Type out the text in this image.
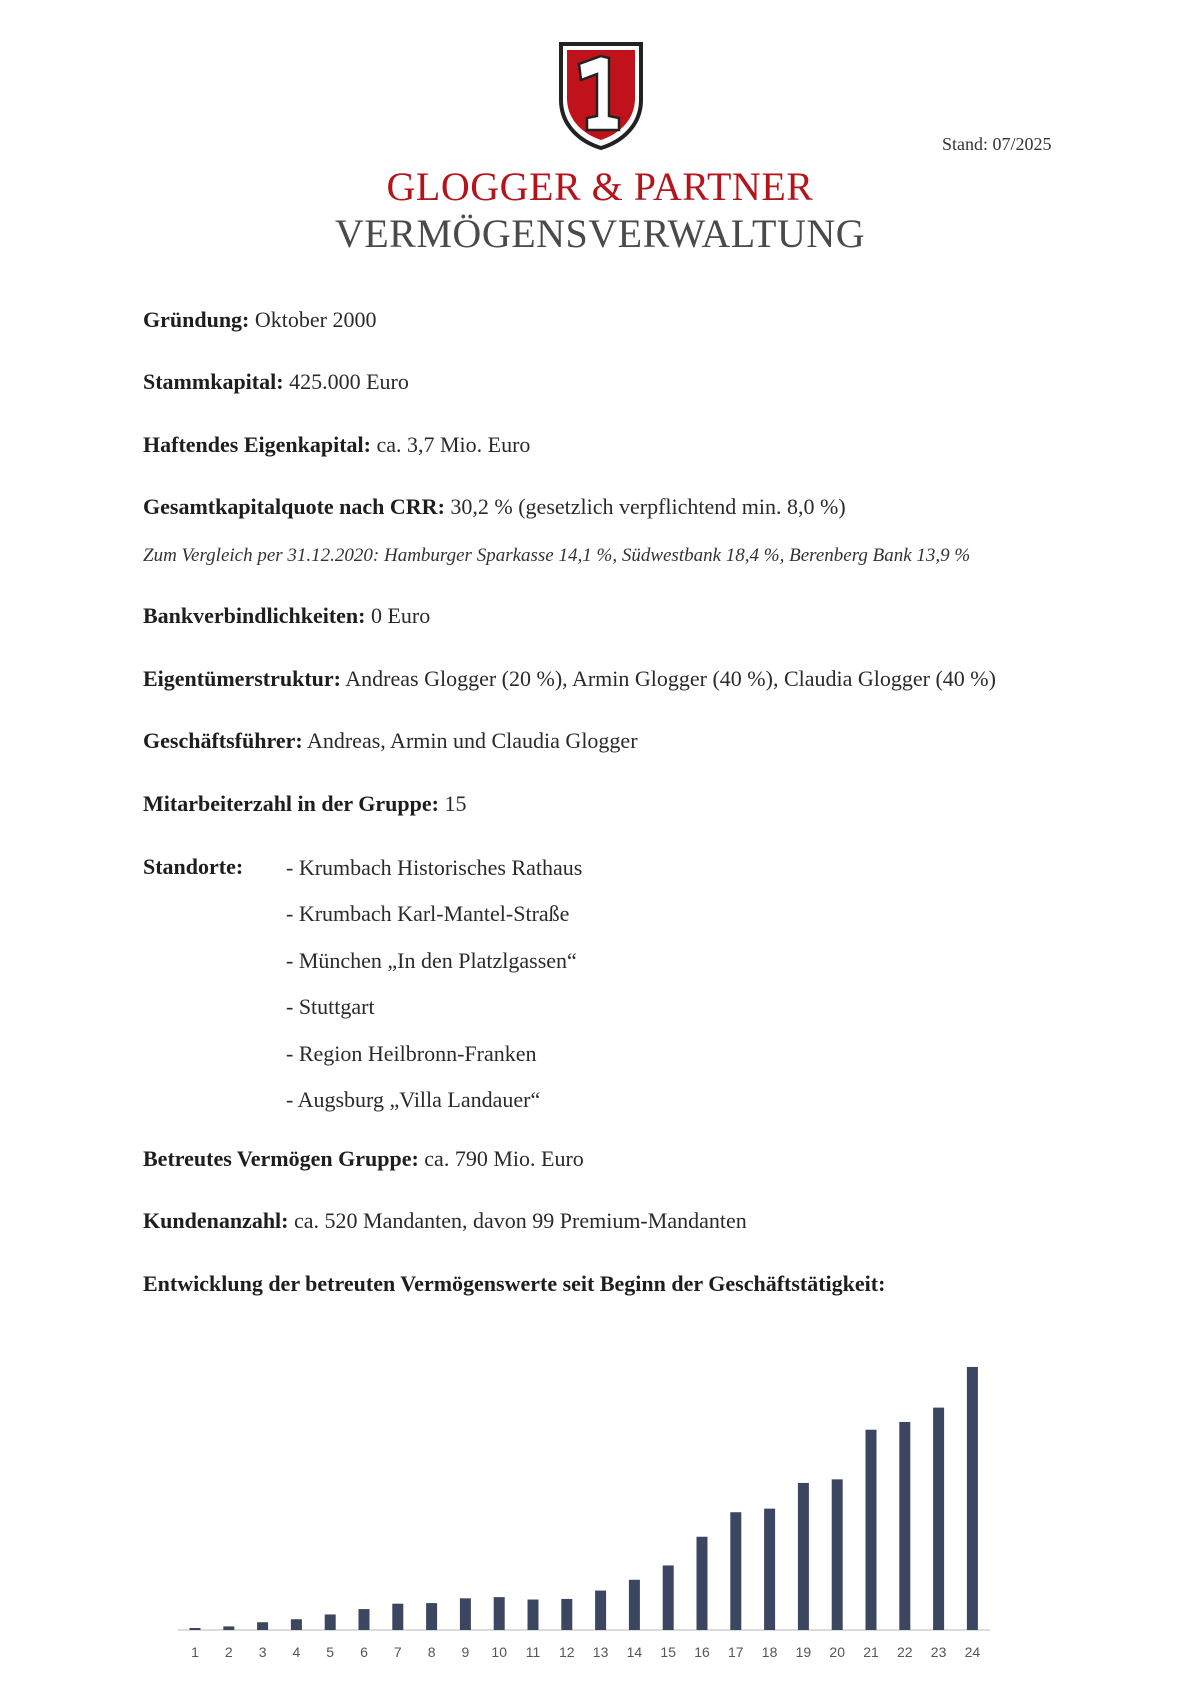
Stand: 07/2025
GLOGGER & PARTNER
VERMÖGENSVERWALTUNG
Gründung: Oktober 2000
Stammkapital: 425.000 Euro
Haftendes Eigenkapital: ca. 3,7 Mio. Euro
Gesamtkapitalquote nach CRR: 30,2 % (gesetzlich verpflichtend min. 8,0 %)
Zum Vergleich per 31.12.2020: Hamburger Sparkasse 14,1 %, Südwestbank 18,4 %, Berenberg Bank 13,9 %
Bankverbindlichkeiten: 0 Euro
Eigentümerstruktur: Andreas Glogger (20 %), Armin Glogger (40 %), Claudia Glogger (40 %)
Geschäftsführer: Andreas, Armin und Claudia Glogger
Mitarbeiterzahl in der Gruppe: 15
Standorte: - Krumbach Historisches Rathaus
- Krumbach Karl-Mantel-Straße
- München „In den Platzlgassen“
- Stuttgart
- Region Heilbronn-Franken
- Augsburg „Villa Landauer“
Betreutes Vermögen Gruppe: ca. 790 Mio. Euro
Kundenanzahl: ca. 520 Mandanten, davon 99 Premium-Mandanten
Entwicklung der betreuten Vermögenswerte seit Beginn der Geschäftstätigkeit:
1 2 3 4 5 6 7 8 9 10 11 12 13 14 15 16 17 18 19 20 21 22 23 24
